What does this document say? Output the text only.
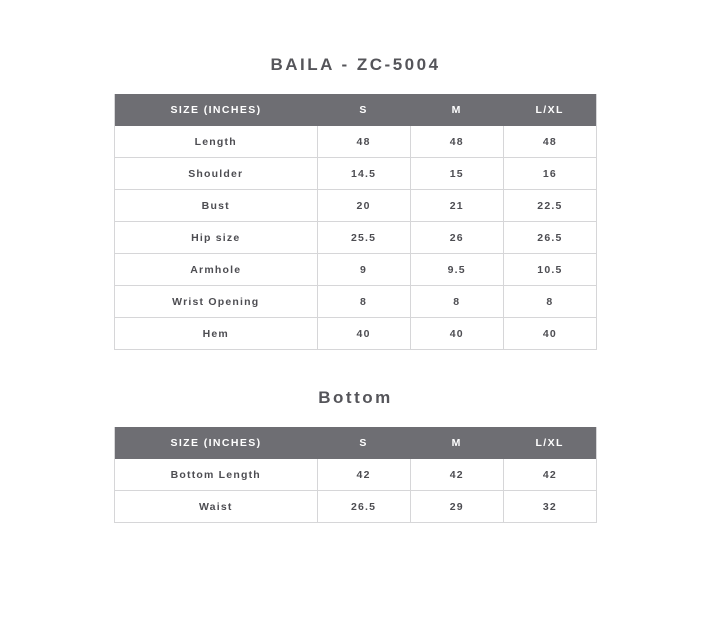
BAILA - ZC-5004
SIZE (INCHES)	S	M	L/XL
Length	48	48	48
Shoulder	14.5	15	16
Bust	20	21	22.5
Hip size	25.5	26	26.5
Armhole	9	9.5	10.5
Wrist Opening	8	8	8
Hem	40	40	40
Bottom
SIZE (INCHES)	S	M	L/XL
Bottom Length	42	42	42
Waist	26.5	29	32
